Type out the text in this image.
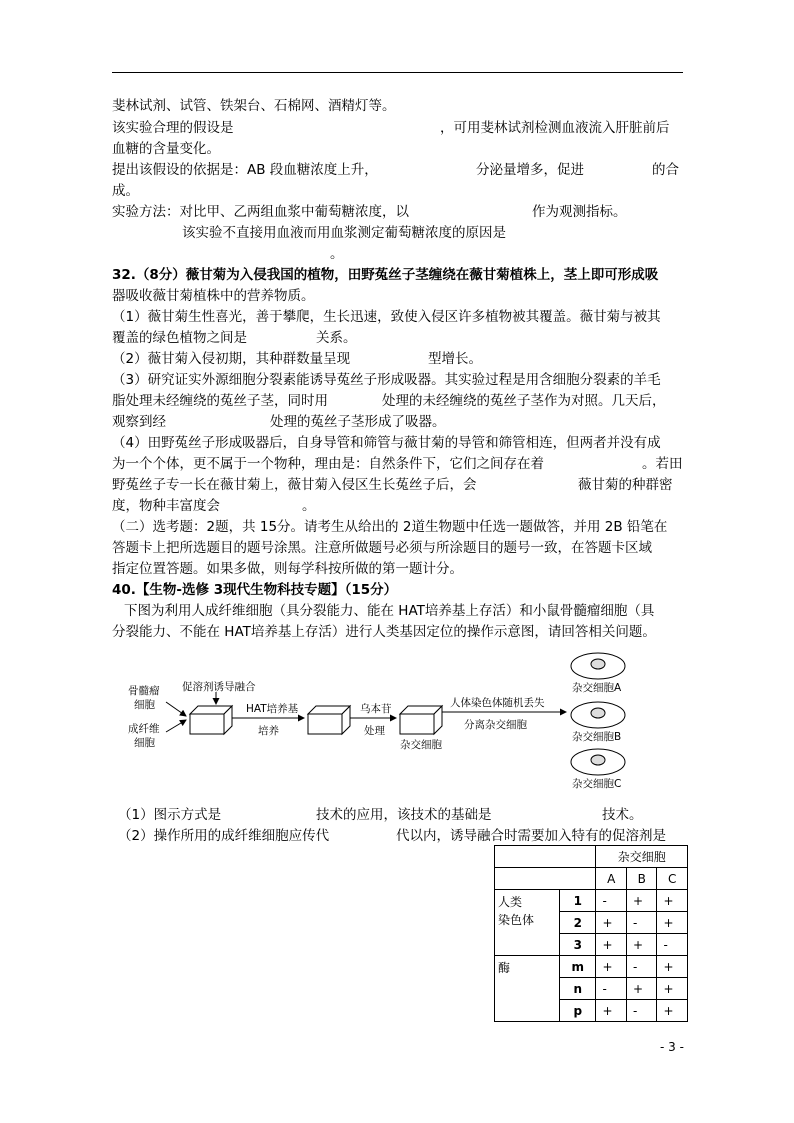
斐林试剂、试管、铁架台、石棉网、酒精灯等。
该实验合理的假设是	，可用斐林试剂检测血液流入肝脏前后
血糖的含量变化。
提出该假设的依据是：AB 段血糖浓度上升，	分泌量增多，促进	的合
成。
实验方法：对比甲、乙两组血浆中葡萄糖浓度，以	作为观测指标。
该实验不直接用血液而用血浆测定葡萄糖浓度的原因是
。
32.（8分）薇甘菊为入侵我国的植物，田野菟丝子茎缠绕在薇甘菊植株上，茎上即可形成吸
器吸收薇甘菊植株中的营养物质。
（1）薇甘菊生性喜光，善于攀爬，生长迅速，致使入侵区许多植物被其覆盖。薇甘菊与被其
覆盖的绿色植物之间是	关系。
（2）薇甘菊入侵初期，其种群数量呈现	型增长。
（3）研究证实外源细胞分裂素能诱导菟丝子形成吸器。其实验过程是用含细胞分裂素的羊毛
脂处理未经缠绕的菟丝子茎，同时用	处理的未经缠绕的菟丝子茎作为对照。几天后，
观察到经	处理的菟丝子茎形成了吸器。
（4）田野菟丝子形成吸器后，自身导管和筛管与薇甘菊的导管和筛管相连，但两者并没有成
为一个个体，更不属于一个物种，理由是：自然条件下，它们之间存在着	。若田
野菟丝子专一长在薇甘菊上，薇甘菊入侵区生长菟丝子后，会	薇甘菊的种群密
度，物种丰富度会	。
（二）选考题：2题，共 15分。请考生从给出的 2道生物题中任选一题做答，并用 2B 铅笔在
答题卡上把所选题目的题号涂黑。注意所做题号必须与所涂题目的题号一致，在答题卡区域
指定位置答题。如果多做，则每学科按所做的第一题计分。
40.【生物-选修 3现代生物科技专题】（15分）
下图为利用人成纤维细胞（具分裂能力、能在 HAT培养基上存活）和小鼠骨髓瘤细胞（具
分裂能力、不能在 HAT培养基上存活）进行人类基因定位的操作示意图，请回答相关问题。
骨髓瘤
细胞
成纤维
细胞
促溶剂诱导融合
HAT培养基
培养
乌本苷
处理
杂交细胞
人体染色体随机丢失
分离杂交细胞
杂交细胞A
杂交细胞B
杂交细胞C
（1）图示方式是	技术的应用，该技术的基础是	技术。
（2）操作所用的成纤维细胞应传代	代以内，诱导融合时需要加入特有的促溶剂是
		杂交细胞		
		A	B	C

人类
染色体	1	-	+	+
	2	+	-	+
	3	+	+	-
酶	m	+	-	+
	n	-	+	+
	p	+	-	+
- 3 -
